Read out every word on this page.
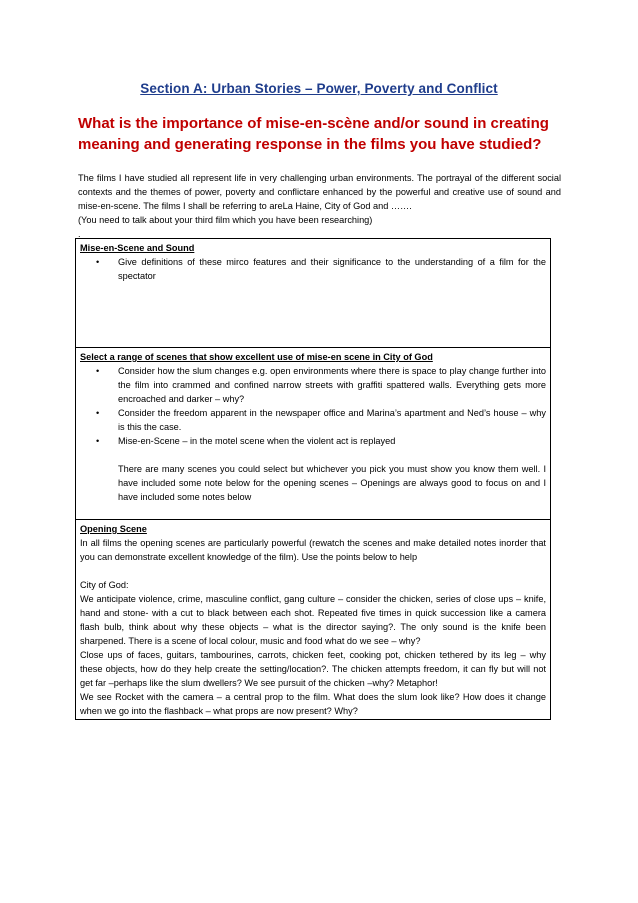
Section A: Urban Stories – Power, Poverty and Conflict
What is the importance of mise-en-scène and/or sound in creating meaning and generating response in the films you have studied?

The films I have studied all represent life in very challenging urban environments. The portrayal of the different social contexts and the themes of power, poverty and conflictare enhanced by the powerful and creative use of sound and mise-en-scene. The films I shall be referring to areLa Haine, City of God and …….

(You need to talk about your third film which you have been researching)

.

Mise-en-Scene and Sound
• Give definitions of these mirco features and their significance to the understanding of a film for the spectator
Select a range of scenes that show excellent use of mise-en scene in City of God
• Consider how the slum changes e.g. open environments where there is space to play change further into the film into crammed and confined narrow streets with graffiti spattered walls. Everything gets more encroached and darker – why?
• Consider the freedom apparent in the newspaper office and Marina’s apartment and Ned’s house – why is this the case.
• Mise-en-Scene – in the motel scene when the violent act is replayed
There are many scenes you could select but whichever you pick you must show you know them well. I have included some note below for the opening scenes – Openings are always good to focus on and I have included some notes below
Opening Scene

In all films the opening scenes are particularly powerful (rewatch the scenes and make detailed notes inorder that you can demonstrate excellent knowledge of the film). Use the points below to help

City of God:

We anticipate violence, crime, masculine conflict, gang culture – consider the chicken, series of close ups – knife, hand and stone- with a cut to black between each shot. Repeated five times in quick succession like a camera flash bulb, think about why these objects – what is the director saying?. The only sound is the knife been sharpened. There is a scene of local colour, music and food what do we see – why?

Close ups of faces, guitars, tambourines, carrots, chicken feet, cooking pot, chicken tethered by its leg – why these objects, how do they help create the setting/location?. The chicken attempts freedom, it can fly but will not get far –perhaps like the slum dwellers? We see pursuit of the chicken –why? Metaphor!

We see Rocket with the camera – a central prop to the film. What does the slum look like? How does it change when we go into the flashback – what props are now present? Why?
